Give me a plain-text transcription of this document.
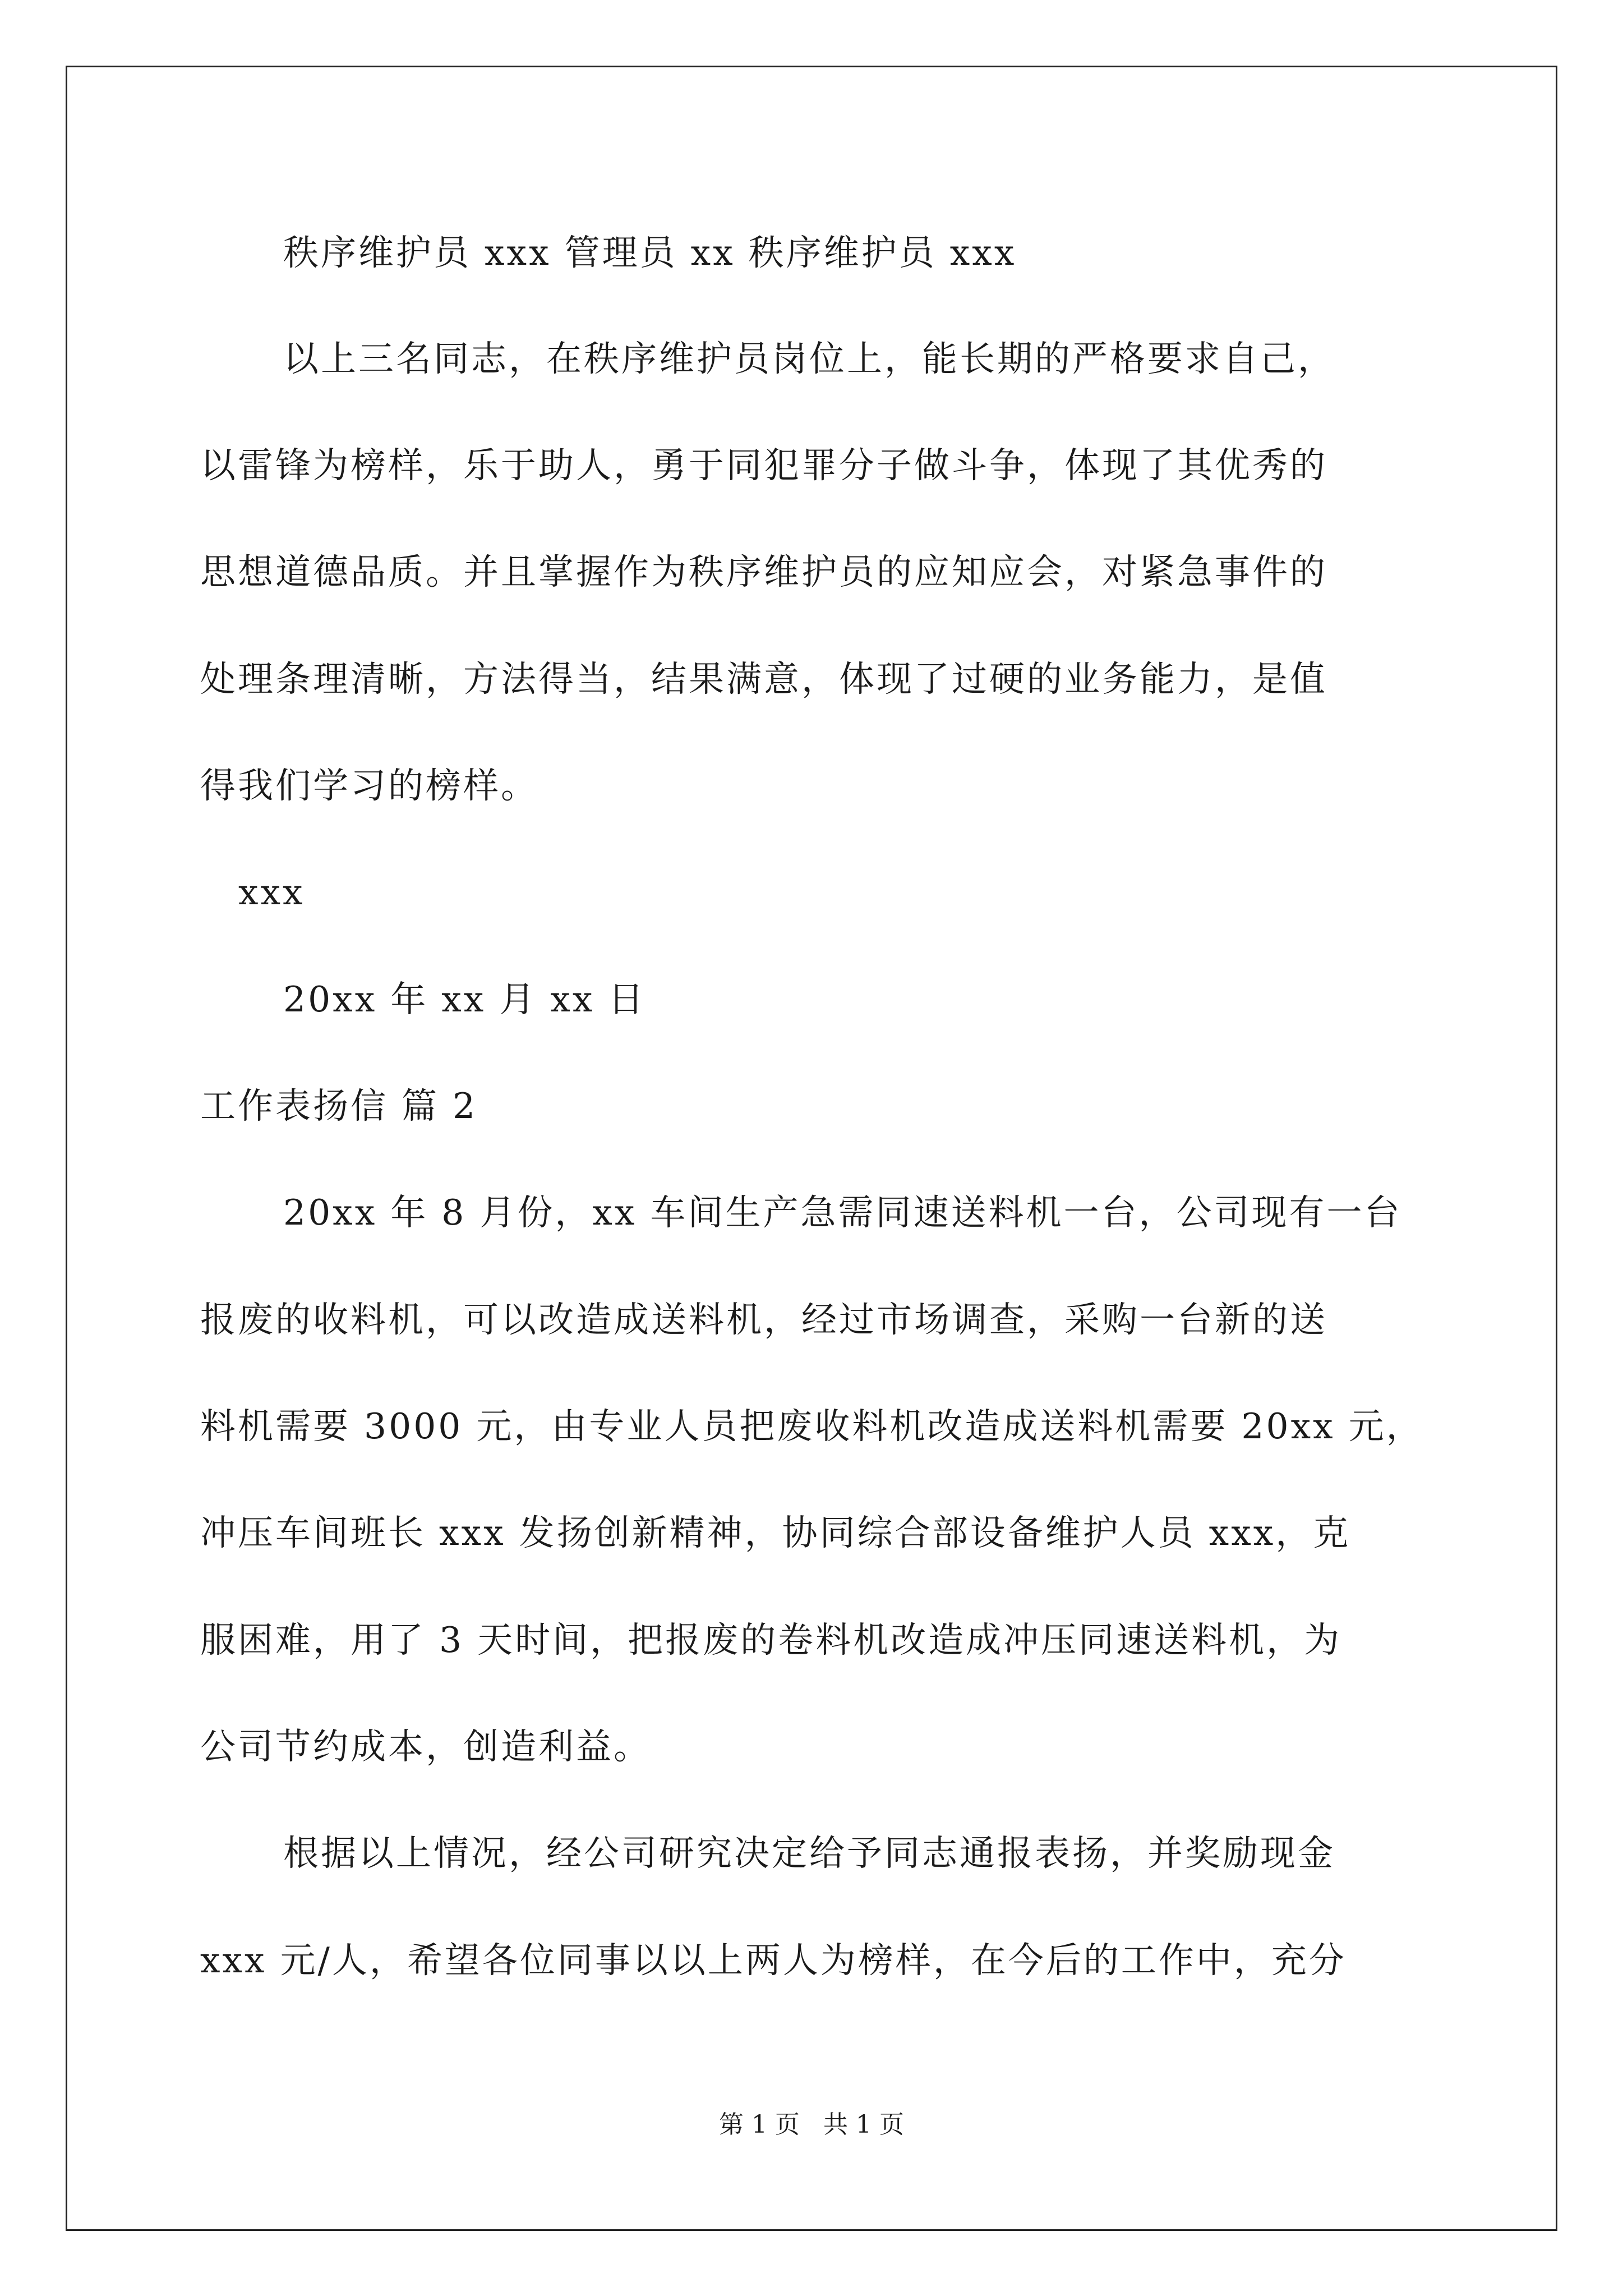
秩序维护员 xxx 管理员 xx 秩序维护员 xxx
以上三名同志，在秩序维护员岗位上，能长期的严格要求自己，
以雷锋为榜样，乐于助人，勇于同犯罪分子做斗争，体现了其优秀的
思想道德品质。并且掌握作为秩序维护员的应知应会，对紧急事件的
处理条理清晰，方法得当，结果满意，体现了过硬的业务能力，是值
得我们学习的榜样。
xxx
20xx 年 xx 月 xx 日
工作表扬信 篇 2
20xx 年 8 月份，xx 车间生产急需同速送料机一台，公司现有一台
报废的收料机，可以改造成送料机，经过市场调查，采购一台新的送
料机需要 3000 元，由专业人员把废收料机改造成送料机需要 20xx 元，
冲压车间班长 xxx 发扬创新精神，协同综合部设备维护人员 xxx，克
服困难，用了 3 天时间，把报废的卷料机改造成冲压同速送料机，为
公司节约成本，创造利益。
根据以上情况，经公司研究决定给予同志通报表扬，并奖励现金
xxx 元/人，希望各位同事以以上两人为榜样，在今后的工作中，充分
第 1 页 共 1 页
